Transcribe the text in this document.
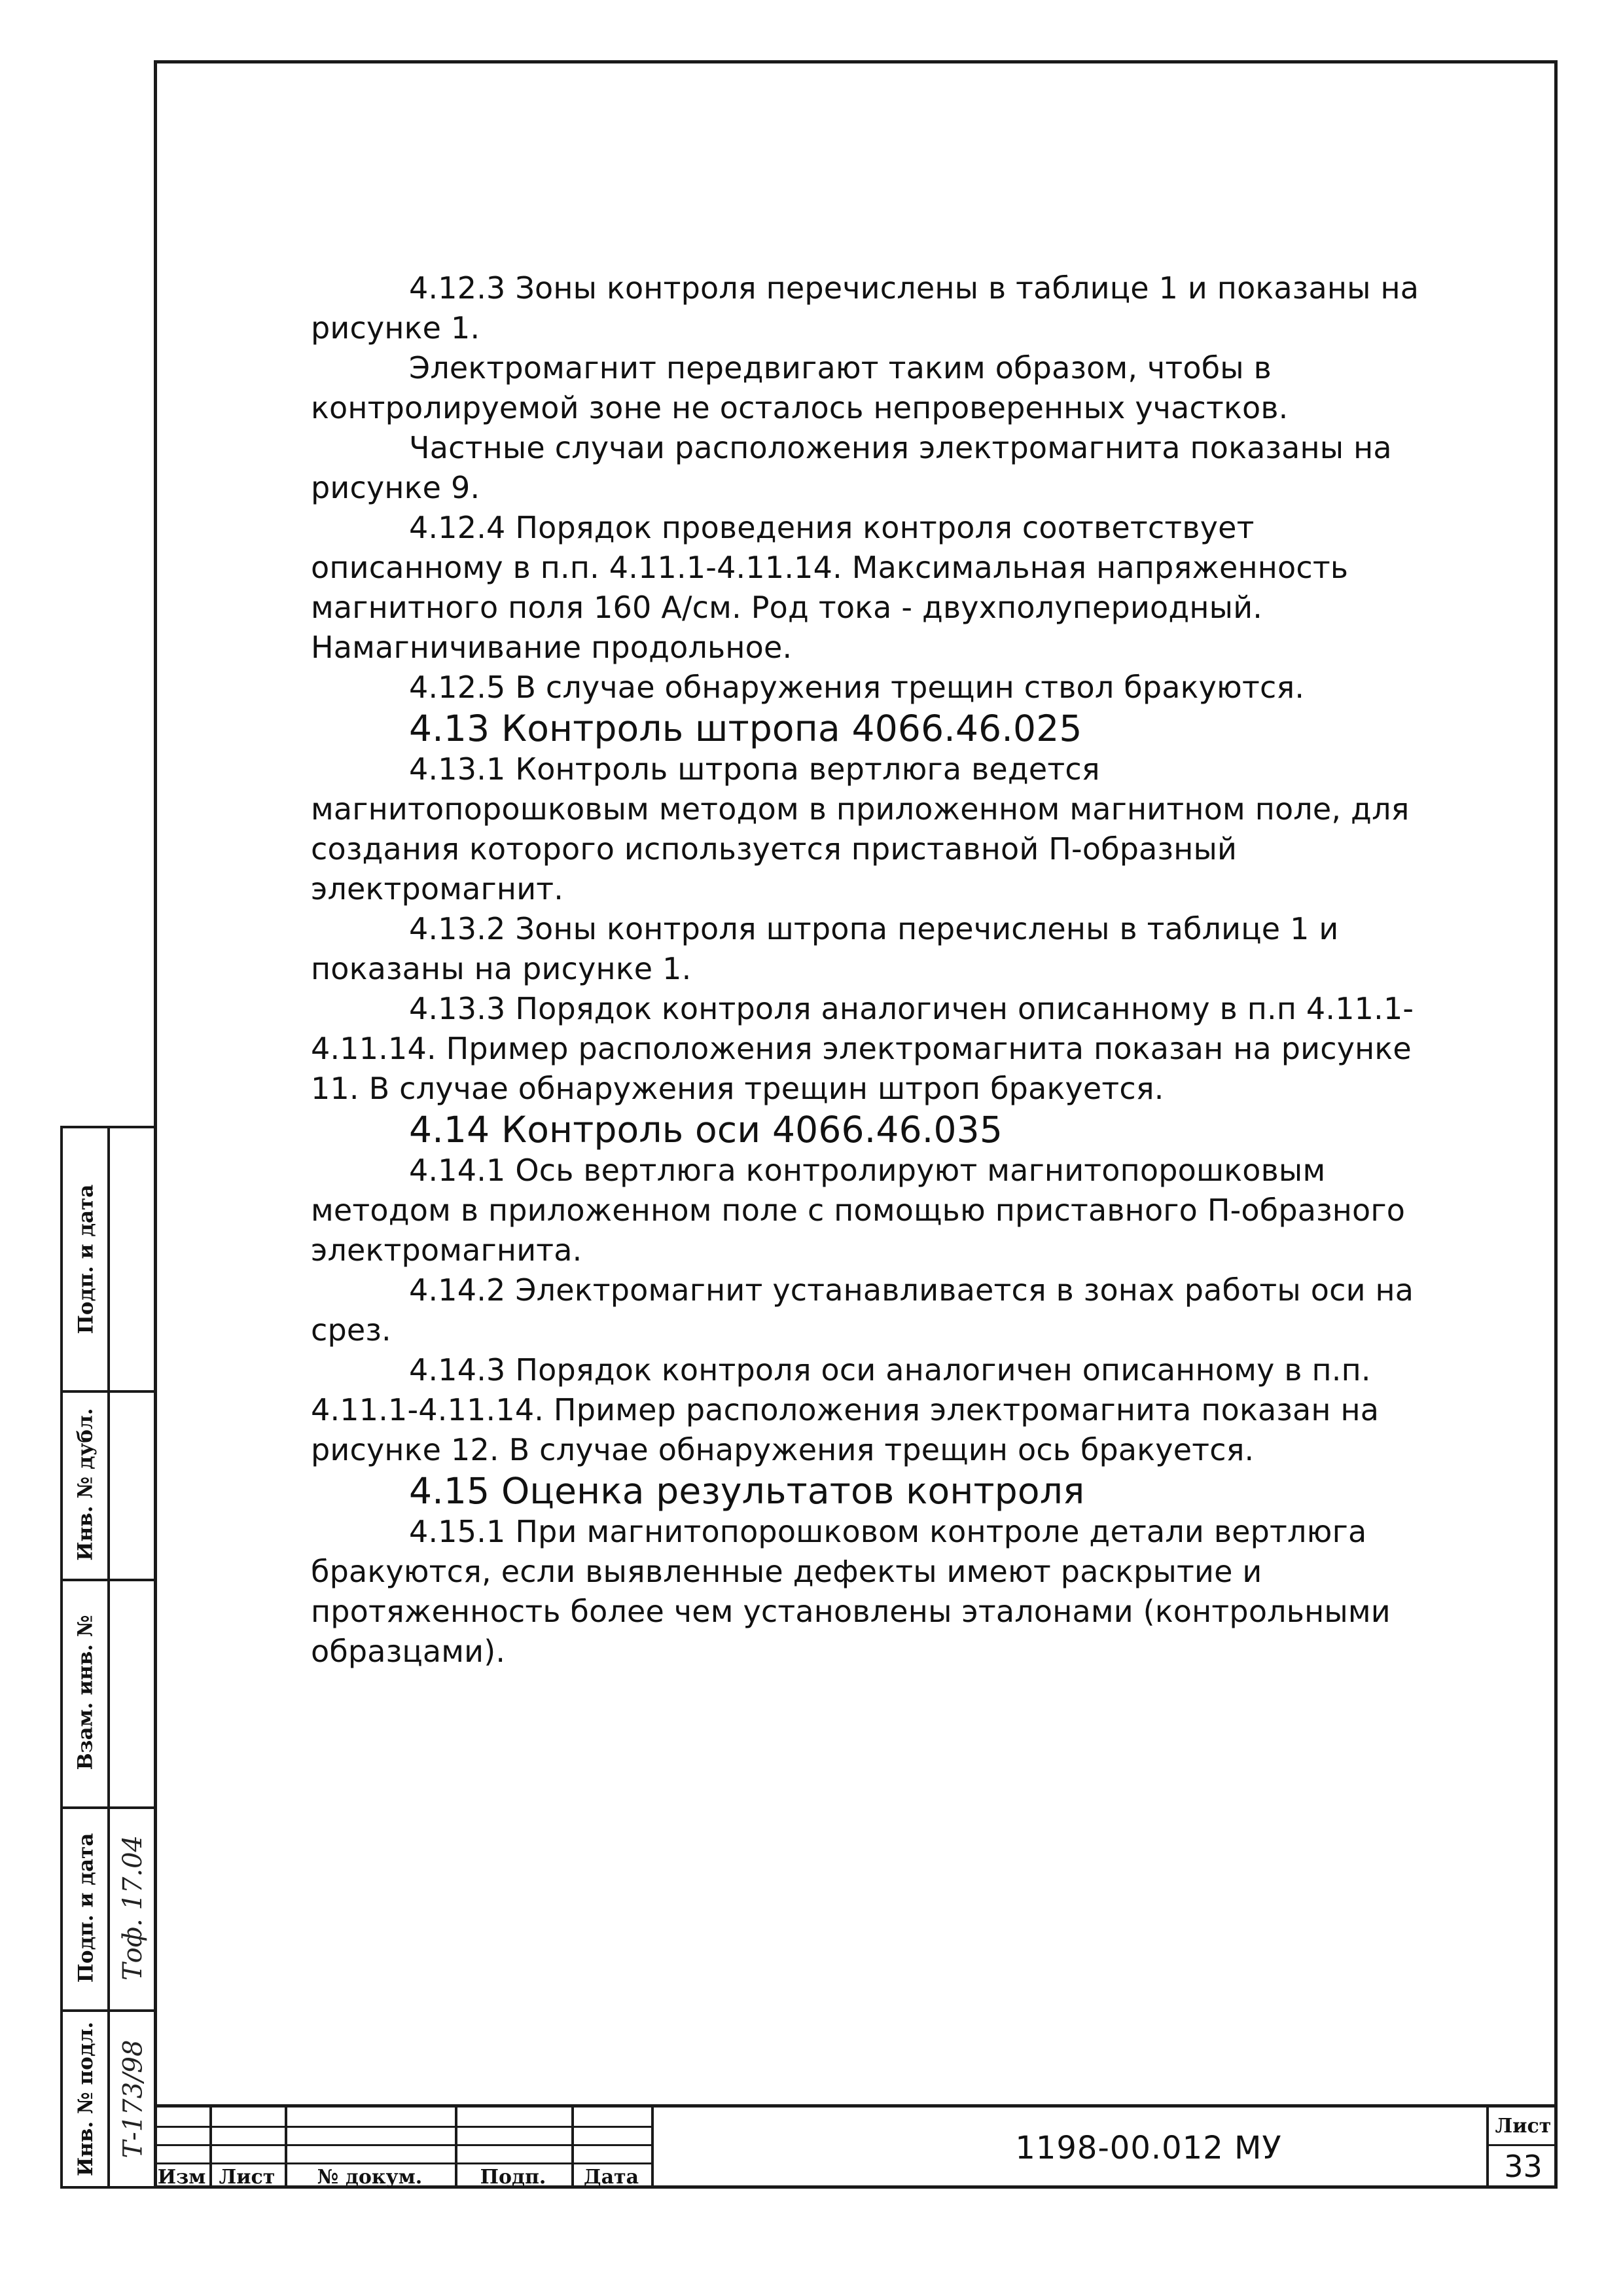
4.12.3 Зоны контроля перечислены в таблице 1 и показаны на рисунке 1.

Электромагнит передвигают таким образом, чтобы в контролируемой зоне не осталось непроверенных участков.

Частные случаи расположения электромагнита показаны на рисунке 9.

4.12.4 Порядок проведения контроля соответствует описанному в п.п. 4.11.1-4.11.14. Максимальная напряженность магнитного поля 160 А/см. Род тока - двухполупериодный. Намагничивание продольное.

4.12.5 В случае обнаружения трещин ствол бракуются.

4.13 Контроль штропа 4066.46.025

4.13.1 Контроль штропа вертлюга ведется магнитопорошковым методом в приложенном магнитном поле, для создания которого используется приставной П-образный электромагнит.

4.13.2 Зоны контроля штропа перечислены в таблице 1 и показаны на рисунке 1.

4.13.3 Порядок контроля аналогичен описанному в п.п 4.11.1-4.11.14. Пример расположения электромагнита показан на рисунке 11. В случае обнаружения трещин штроп бракуется.

4.14 Контроль оси 4066.46.035

4.14.1 Ось вертлюга контролируют магнитопорошковым методом в приложенном поле с помощью приставного П-образного электромагнита.

4.14.2 Электромагнит устанавливается в зонах работы оси на срез.

4.14.3 Порядок контроля оси аналогичен описанному в п.п. 4.11.1-4.11.14. Пример расположения электромагнита показан на рисунке 12. В случае обнаружения трещин ось бракуется.

4.15 Оценка результатов контроля

4.15.1 При магнитопорошковом контроле детали вертлюга бракуются, если выявленные дефекты имеют раскрытие и протяженность более чем установлены эталонами (контрольными образцами).

Подп. и дата
Инв. № дубл.
Взам. инв. №
Подп. и дата
Инв. № подл.
Тоф. 17.04
Т-173/98
Изм Лист	№ докум.	Подп.	Дата
1198-00.012 МУ
Лист
33
